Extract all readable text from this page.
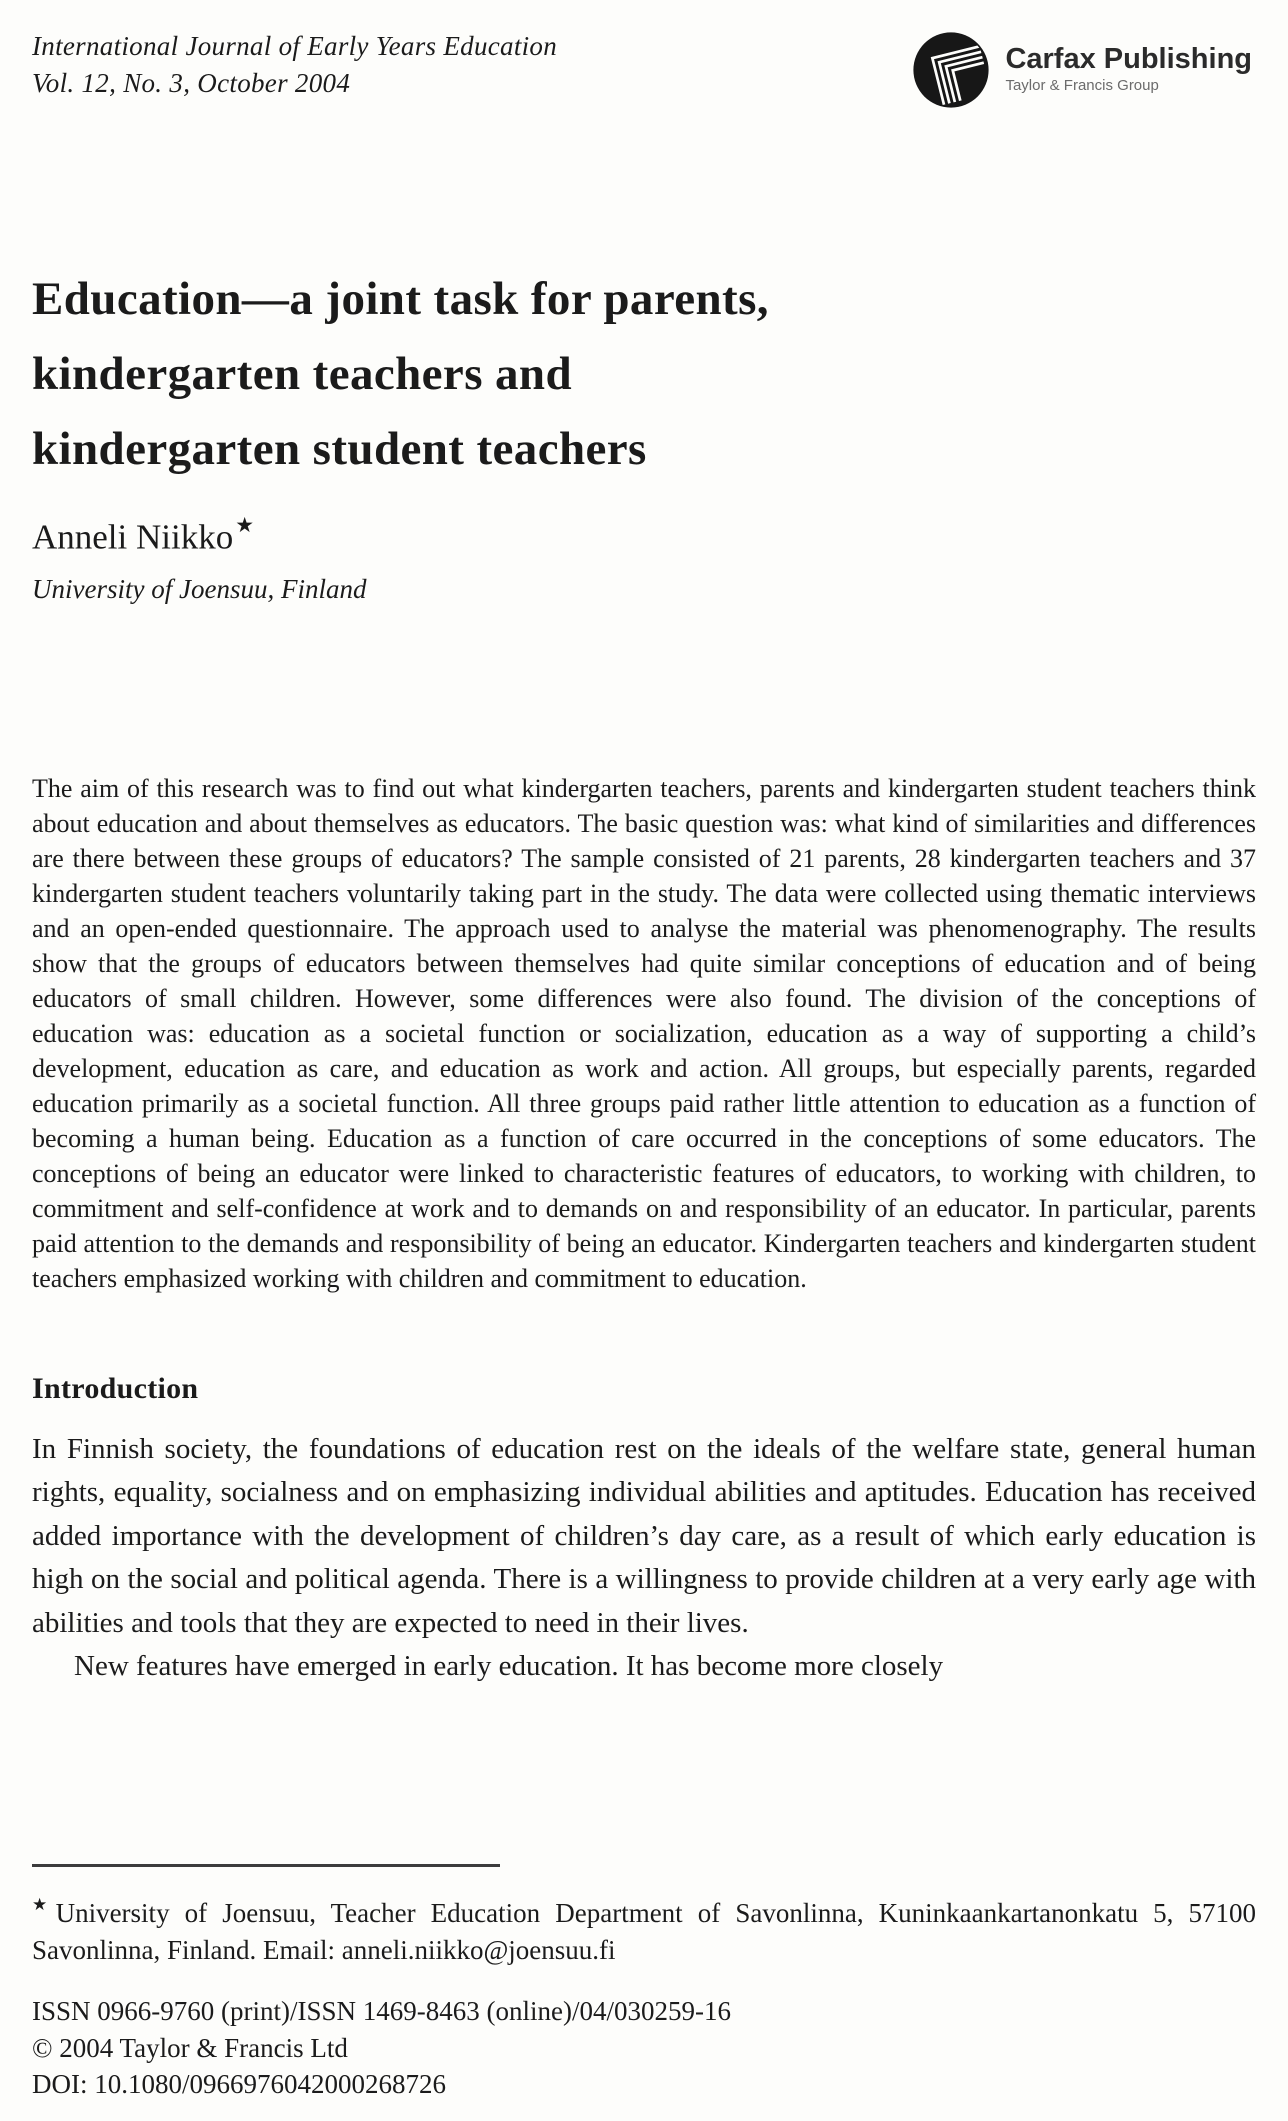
International Journal of Early Years Education
Vol. 12, No. 3, October 2004
Carfax Publishing
Taylor & Francis Group
Education—a joint task for parents,
kindergarten teachers and
kindergarten student teachers
Anneli Niikko★
University of Joensuu, Finland
The aim of this research was to find out what kindergarten teachers, parents and kindergarten student teachers think about education and about themselves as educators. The basic question was: what kind of similarities and differences are there between these groups of educators? The sample consisted of 21 parents, 28 kindergarten teachers and 37 kindergarten student teachers voluntarily taking part in the study. The data were collected using thematic interviews and an open-ended questionnaire. The approach used to analyse the material was phenomenography. The results show that the groups of educators between themselves had quite similar conceptions of education and of being educators of small children. However, some differences were also found. The division of the conceptions of education was: education as a societal function or socialization, education as a way of supporting a child’s development, education as care, and education as work and action. All groups, but especially parents, regarded education primarily as a societal function. All three groups paid rather little attention to education as a function of becoming a human being. Education as a function of care occurred in the conceptions of some educators. The conceptions of being an educator were linked to characteristic features of educators, to working with children, to commitment and self-confidence at work and to demands on and responsibility of an educator. In particular, parents paid attention to the demands and responsibility of being an educator. Kindergarten teachers and kindergarten student teachers emphasized working with children and commitment to education.
Introduction

In Finnish society, the foundations of education rest on the ideals of the welfare state, general human rights, equality, socialness and on emphasizing individual abilities and aptitudes. Education has received added importance with the development of children’s day care, as a result of which early education is high on the social and political agenda. There is a willingness to provide children at a very early age with abilities and tools that they are expected to need in their lives.

New features have emerged in early education. It has become more closely

★University of Joensuu, Teacher Education Department of Savonlinna, Kuninkaankartanonkatu 5, 57100 Savonlinna, Finland. Email: anneli.niikko@joensuu.fi
ISSN 0966-9760 (print)/ISSN 1469-8463 (online)/04/030259-16
© 2004 Taylor & Francis Ltd
DOI: 10.1080/0966976042000268726
